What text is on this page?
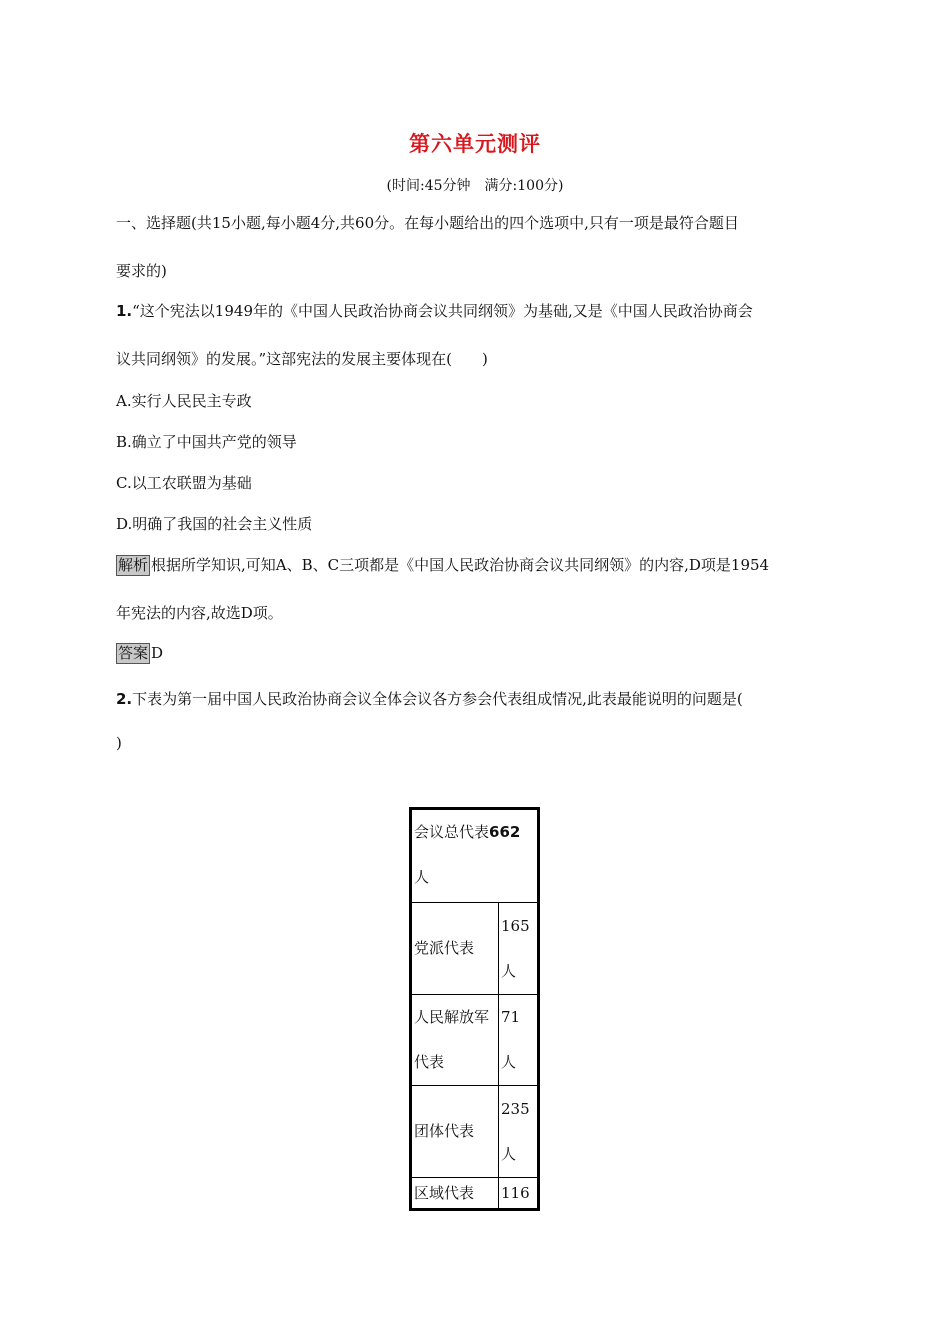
第六单元测评
(时间:45分钟　满分:100分)
一、选择题(共15小题,每小题4分,共60分。在每小题给出的四个选项中,只有一项是最符合题目
要求的)
1.“这个宪法以1949年的《中国人民政治协商会议共同纲领》为基础,又是《中国人民政治协商会
议共同纲领》的发展。”这部宪法的发展主要体现在(　　)
A.实行人民民主专政
B.确立了中国共产党的领导
C.以工农联盟为基础
D.明确了我国的社会主义性质
解析 根据所学知识,可知A、B、C三项都是《中国人民政治协商会议共同纲领》的内容,D项是1954
年宪法的内容,故选D项。
答案 D
2.下表为第一届中国人民政治协商会议全体会议各方参会代表组成情况,此表最能说明的问题是(
)
会议总代表662
人	

党派代表	165人

人民解放军代表	71人

团体代表	235人

区域代表	116
